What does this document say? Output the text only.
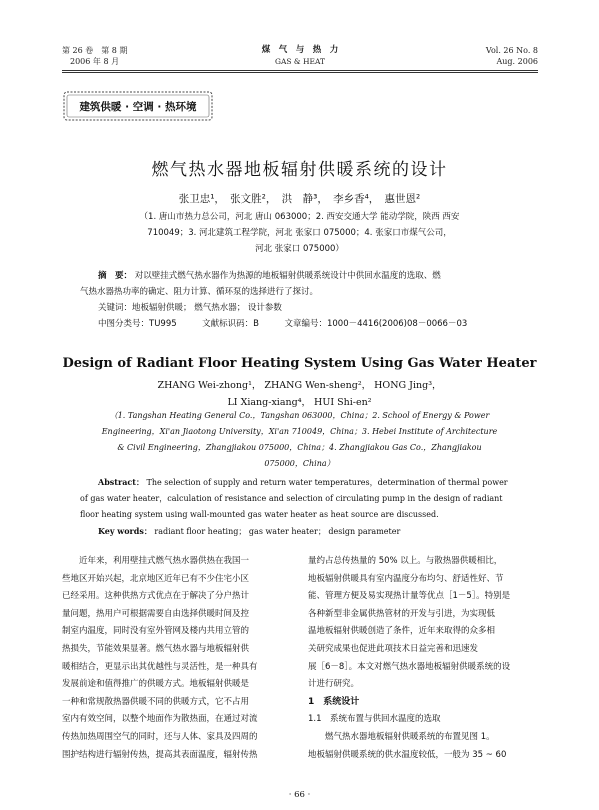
第 26 卷　第 8 期
2006 年 8 月
煤　气　与　热　力
GAS & HEAT
Vol. 26 No. 8
Aug. 2006
建筑供暖 · 空调 · 热环境
燃气热水器地板辐射供暖系统的设计
张卫忠¹，　张文胜²，　洪　静³，　李乡香⁴，　惠世恩²
（1. 唐山市热力总公司，河北 唐山 063000；2. 西安交通大学 能动学院，陕西 西安
710049；3. 河北建筑工程学院，河北 张家口 075000；4. 张家口市煤气公司，
河北 张家口 075000）
摘　要： 对以壁挂式燃气热水器作为热源的地板辐射供暖系统设计中供回水温度的选取、燃
气热水器热功率的确定、阻力计算、循环泵的选择进行了探讨。
关键词：地板辐射供暖； 燃气热水器； 设计参数
中图分类号：TU995　　　文献标识码：B　　　文章编号：1000－4416(2006)08－0066－03
Design of Radiant Floor Heating System Using Gas Water Heater
ZHANG Wei-zhong¹， ZHANG Wen-sheng²， HONG Jing³，
LI Xiang-xiang⁴， HUI Shi-en²
（1. Tangshan Heating General Co.，Tangshan 063000，China；2. School of Energy & Power
Engineering，Xi'an Jiaotong University，Xi'an 710049，China；3. Hebei Institute of Architecture
& Civil Engineering，Zhangjiakou 075000，China；4. Zhangjiakou Gas Co.，Zhangjiakou
075000，China）
Abstract： The selection of supply and return water temperatures，determination of thermal power
of gas water heater，calculation of resistance and selection of circulating pump in the design of radiant
floor heating system using wall-mounted gas water heater as heat source are discussed.
Key words： radiant floor heating； gas water heater； design parameter
　　近年来，利用壁挂式燃气热水器供热在我国一
些地区开始兴起，北京地区近年已有不少住宅小区
已经采用。这种供热方式优点在于解决了分户热计
量问题，热用户可根据需要自由选择供暖时间及控
制室内温度，同时没有室外管网及楼内共用立管的
热损失，节能效果显著。燃气热水器与地板辐射供
暖相结合，更显示出其优越性与灵活性，是一种具有
发展前途和值得推广的供暖方式。地板辐射供暖是
一种和常规散热器供暖不同的供暖方式，它不占用
室内有效空间，以整个地面作为散热面，在通过对流
传热加热周围空气的同时，还与人体、家具及四周的
围护结构进行辐射传热，提高其表面温度，辐射传热
量约占总传热量的 50% 以上。与散热器供暖相比，
地板辐射供暖具有室内温度分布均匀、舒适性好、节
能、管理方便及易实现热计量等优点［1－5］。特别是
各种新型非金属供热管材的开发与引进，为实现低
温地板辐射供暖创造了条件，近年来取得的众多相
关研究成果也促进此项技术日益完善和迅速发
展［6－8］。本文对燃气热水器地板辐射供暖系统的设
计进行研究。
1　系统设计
1.1　系统布置与供回水温度的选取
　　燃气热水器地板辐射供暖系统的布置见图 1。
地板辐射供暖系统的供水温度较低，一般为 35 ~ 60
· 66 ·
